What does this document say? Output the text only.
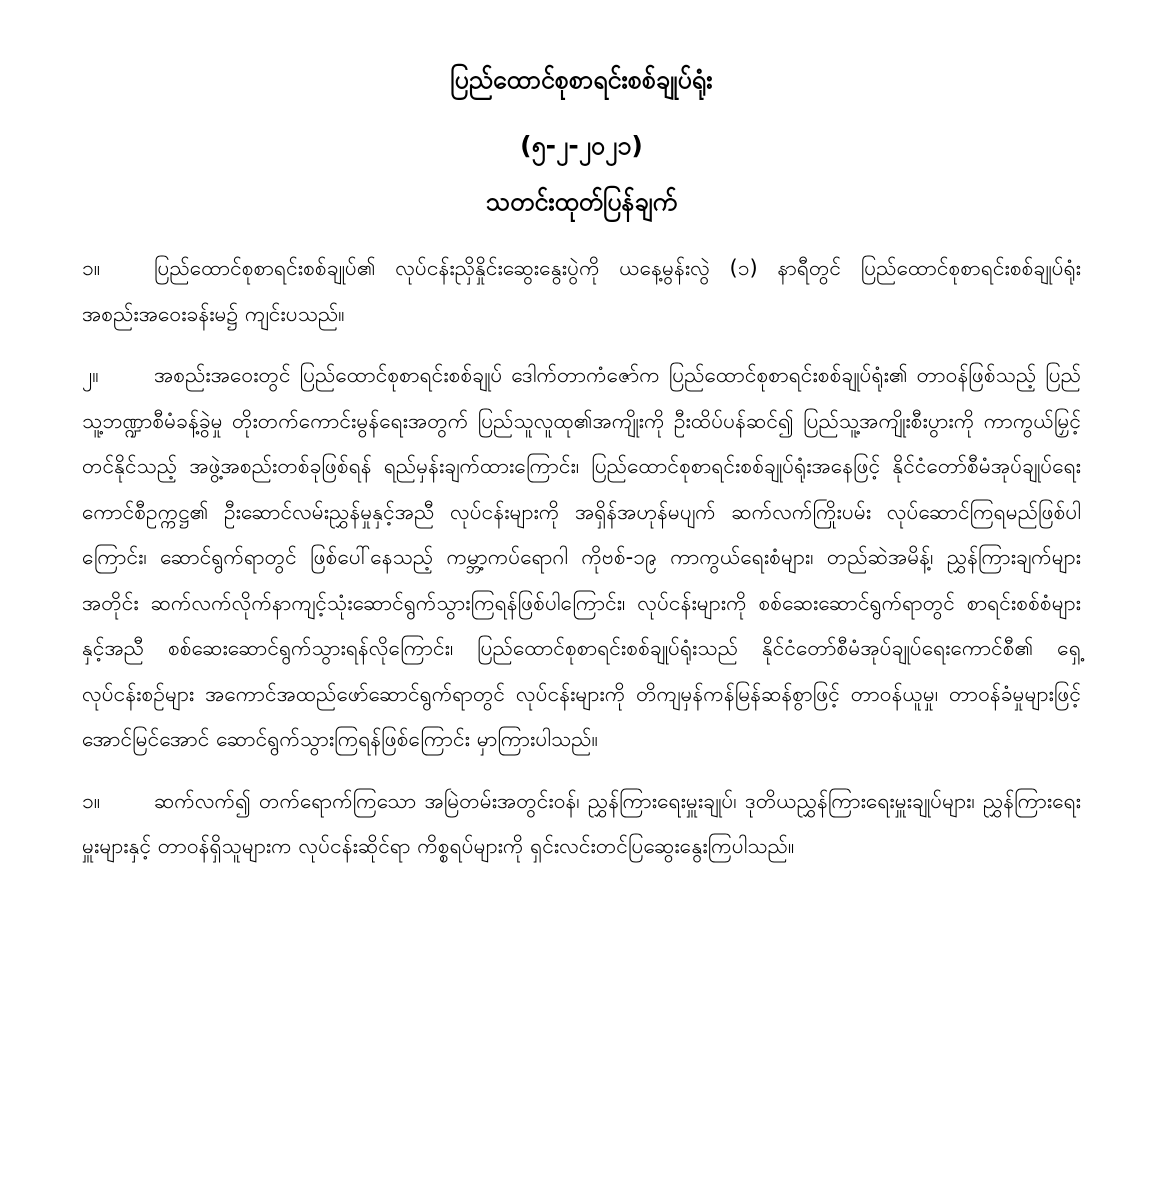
ပြည်ထောင်စုစာရင်းစစ်ချုပ်ရုံး
(၅-၂-၂၀၂၁)
သတင်းထုတ်ပြန်ချက်

၁။	ပြည်ထောင်စုစာရင်းစစ်ချုပ်၏ လုပ်ငန်းညှိနှိုင်းဆွေးနွေးပွဲကို ယနေ့မွန်းလွဲ (၁) နာရီတွင် ပြည်ထောင်စုစာရင်းစစ်ချုပ်ရုံး အစည်းအဝေးခန်းမ၌ ကျင်းပသည်။

၂။	အစည်းအဝေးတွင် ပြည်ထောင်စုစာရင်းစစ်ချုပ် ဒေါက်တာကံဇော်က ပြည်ထောင်စုစာရင်းစစ်ချုပ်ရုံး၏ တာဝန်ဖြစ်သည့် ပြည်သူ့ဘဏ္ဍာစီမံခန့်ခွဲမှု တိုးတက်ကောင်းမွန်ရေးအတွက် ပြည်သူလူထု၏အကျိုးကို ဦးထိပ်ပန်ဆင်၍ ပြည်သူ့အကျိုးစီးပွားကို ကာကွယ်မြှင့်တင်နိုင်သည့် အဖွဲ့အစည်းတစ်ခုဖြစ်ရန် ရည်မှန်းချက်ထားကြောင်း၊ ပြည်ထောင်စုစာရင်းစစ်ချုပ်ရုံးအနေဖြင့် နိုင်ငံတော်စီမံအုပ်ချုပ်ရေးကောင်စီဥက္ကဋ္ဌ၏ ဦးဆောင်လမ်းညွှန်မှုနှင့်အညီ လုပ်ငန်းများကို အရှိန်အဟုန်မပျက် ဆက်လက်ကြိုးပမ်း လုပ်ဆောင်ကြရမည်ဖြစ်ပါကြောင်း၊ ဆောင်ရွက်ရာတွင် ဖြစ်ပေါ်နေသည့် ကမ္ဘာ့ကပ်ရောဂါ ကိုဗစ်-၁၉ ကာကွယ်ရေးစံများ၊ တည်ဆဲအမိန့်၊ ညွှန်ကြားချက်များအတိုင်း ဆက်လက်လိုက်နာကျင့်သုံးဆောင်ရွက်သွားကြရန်ဖြစ်ပါကြောင်း၊ လုပ်ငန်းများကို စစ်ဆေးဆောင်ရွက်ရာတွင် စာရင်းစစ်စံများနှင့်အညီ စစ်ဆေးဆောင်ရွက်သွားရန်လိုကြောင်း၊ ပြည်ထောင်စုစာရင်းစစ်ချုပ်ရုံးသည် နိုင်ငံတော်စီမံအုပ်ချုပ်ရေးကောင်စီ၏ ရှေ့လုပ်ငန်းစဉ်များ အကောင်အထည်ဖော်ဆောင်ရွက်ရာတွင် လုပ်ငန်းများကို တိကျမှန်ကန်မြန်ဆန်စွာဖြင့် တာဝန်ယူမှု၊ တာဝန်ခံမှုများဖြင့် အောင်မြင်အောင် ဆောင်ရွက်သွားကြရန်ဖြစ်ကြောင်း မှာကြားပါသည်။

၁။	ဆက်လက်၍ တက်ရောက်ကြသော အမြဲတမ်းအတွင်းဝန်၊ ညွှန်ကြားရေးမှူးချုပ်၊ ဒုတိယညွှန်ကြားရေးမှူးချုပ်များ၊ ညွှန်ကြားရေးမှူးများနှင့် တာဝန်ရှိသူများက လုပ်ငန်းဆိုင်ရာ ကိစ္စရပ်များကို ရှင်းလင်းတင်ပြဆွေးနွေးကြပါသည်။
